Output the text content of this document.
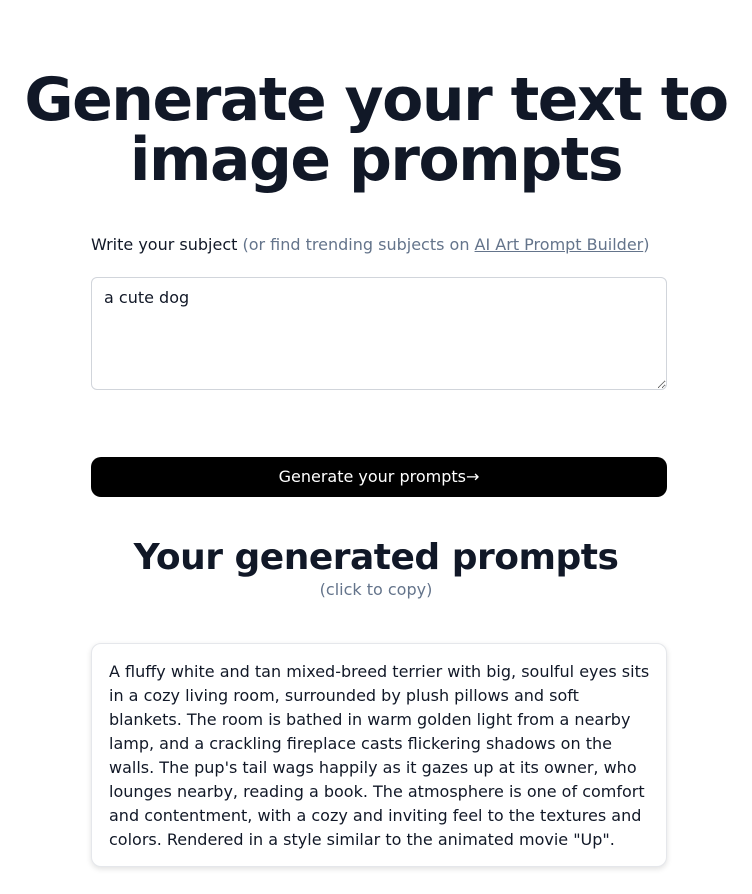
Generate your text to image prompts
Write your subject (or find trending subjects on AI Art Prompt Builder)
a cute dog
Generate your prompts→
Your generated prompts
(click to copy)

A fluffy white and tan mixed-breed terrier with big, soulful eyes sits in a cozy living room, surrounded by plush pillows and soft blankets. The room is bathed in warm golden light from a nearby lamp, and a crackling fireplace casts flickering shadows on the walls. The pup's tail wags happily as it gazes up at its owner, who lounges nearby, reading a book. The atmosphere is one of comfort and contentment, with a cozy and inviting feel to the textures and colors. Rendered in a style similar to the animated movie "Up".
